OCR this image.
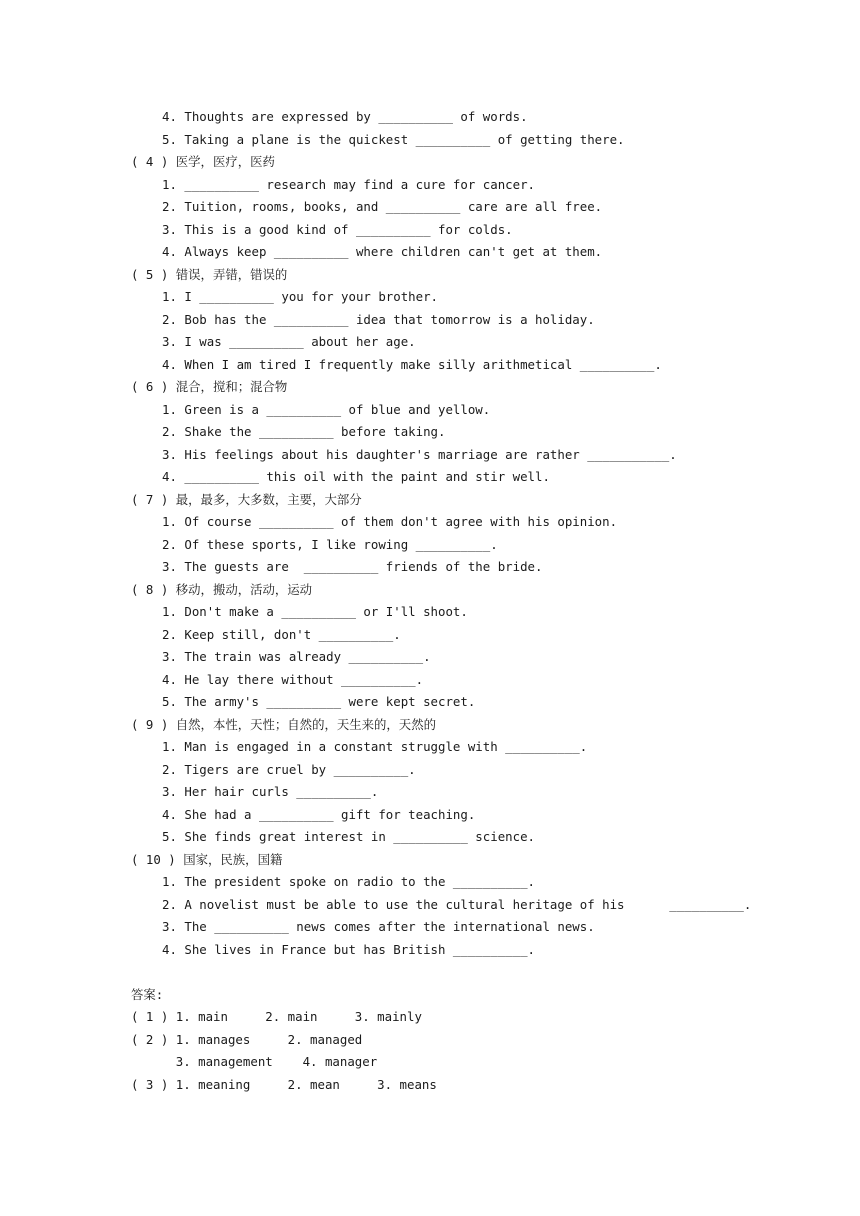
4. Thoughts are expressed by __________ of words.
5. Taking a plane is the quickest __________ of getting there.
( 4 ) 医学，医疗，医药
1. __________ research may find a cure for cancer.
2. Tuition, rooms, books, and __________ care are all free.
3. This is a good kind of __________ for colds.
4. Always keep __________ where children can't get at them.
( 5 ) 错误，弄错，错误的
1. I __________ you for your brother.
2. Bob has the __________ idea that tomorrow is a holiday.
3. I was __________ about her age.
4. When I am tired I frequently make silly arithmetical __________.
( 6 ) 混合，搅和；混合物
1. Green is a __________ of blue and yellow.
2. Shake the __________ before taking.
3. His feelings about his daughter's marriage are rather ___________.
4. __________ this oil with the paint and stir well.
( 7 ) 最，最多，大多数，主要，大部分
1. Of course __________ of them don't agree with his opinion.
2. Of these sports, I like rowing __________.
3. The guests are  __________ friends of the bride.
( 8 ) 移动，搬动，活动，运动
1. Don't make a __________ or I'll shoot.
2. Keep still, don't __________.
3. The train was already __________.
4. He lay there without __________.
5. The army's __________ were kept secret.
( 9 ) 自然，本性，天性；自然的，天生来的，天然的
1. Man is engaged in a constant struggle with __________.
2. Tigers are cruel by __________.
3. Her hair curls __________.
4. She had a __________ gift for teaching.
5. She finds great interest in __________ science.
( 10 ) 国家，民族，国籍
1. The president spoke on radio to the __________.
2. A novelist must be able to use the cultural heritage of his      __________.
3. The __________ news comes after the international news.
4. She lives in France but has British __________.
答案:
( 1 ) 1. main     2. main     3. mainly
( 2 ) 1. manages     2. managed
3. management    4. manager
( 3 ) 1. meaning     2. mean     3. means
